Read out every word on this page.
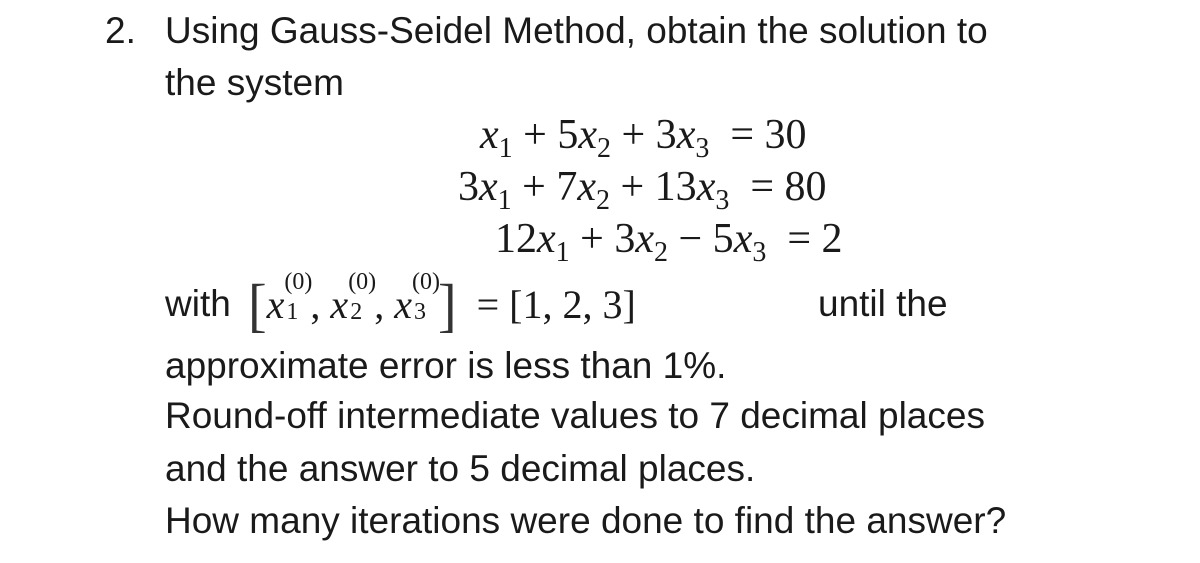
2. Using Gauss-Seidel Method, obtain the solution to
the system
$x_1 + 5x_2 + 3x_3 = 30$
$3x_1 + 7x_2 + 13x_3 = 80$
$12x_1 + 3x_2 - 5x_3 = 2$
with [x (0)
1 , x (0)
2 , x (0)
3 ] = [1, 2, 3]	until the
approximate error is less than 1%.
Round-off intermediate values to 7 decimal places
and the answer to 5 decimal places.
How many iterations were done to find the answer?
